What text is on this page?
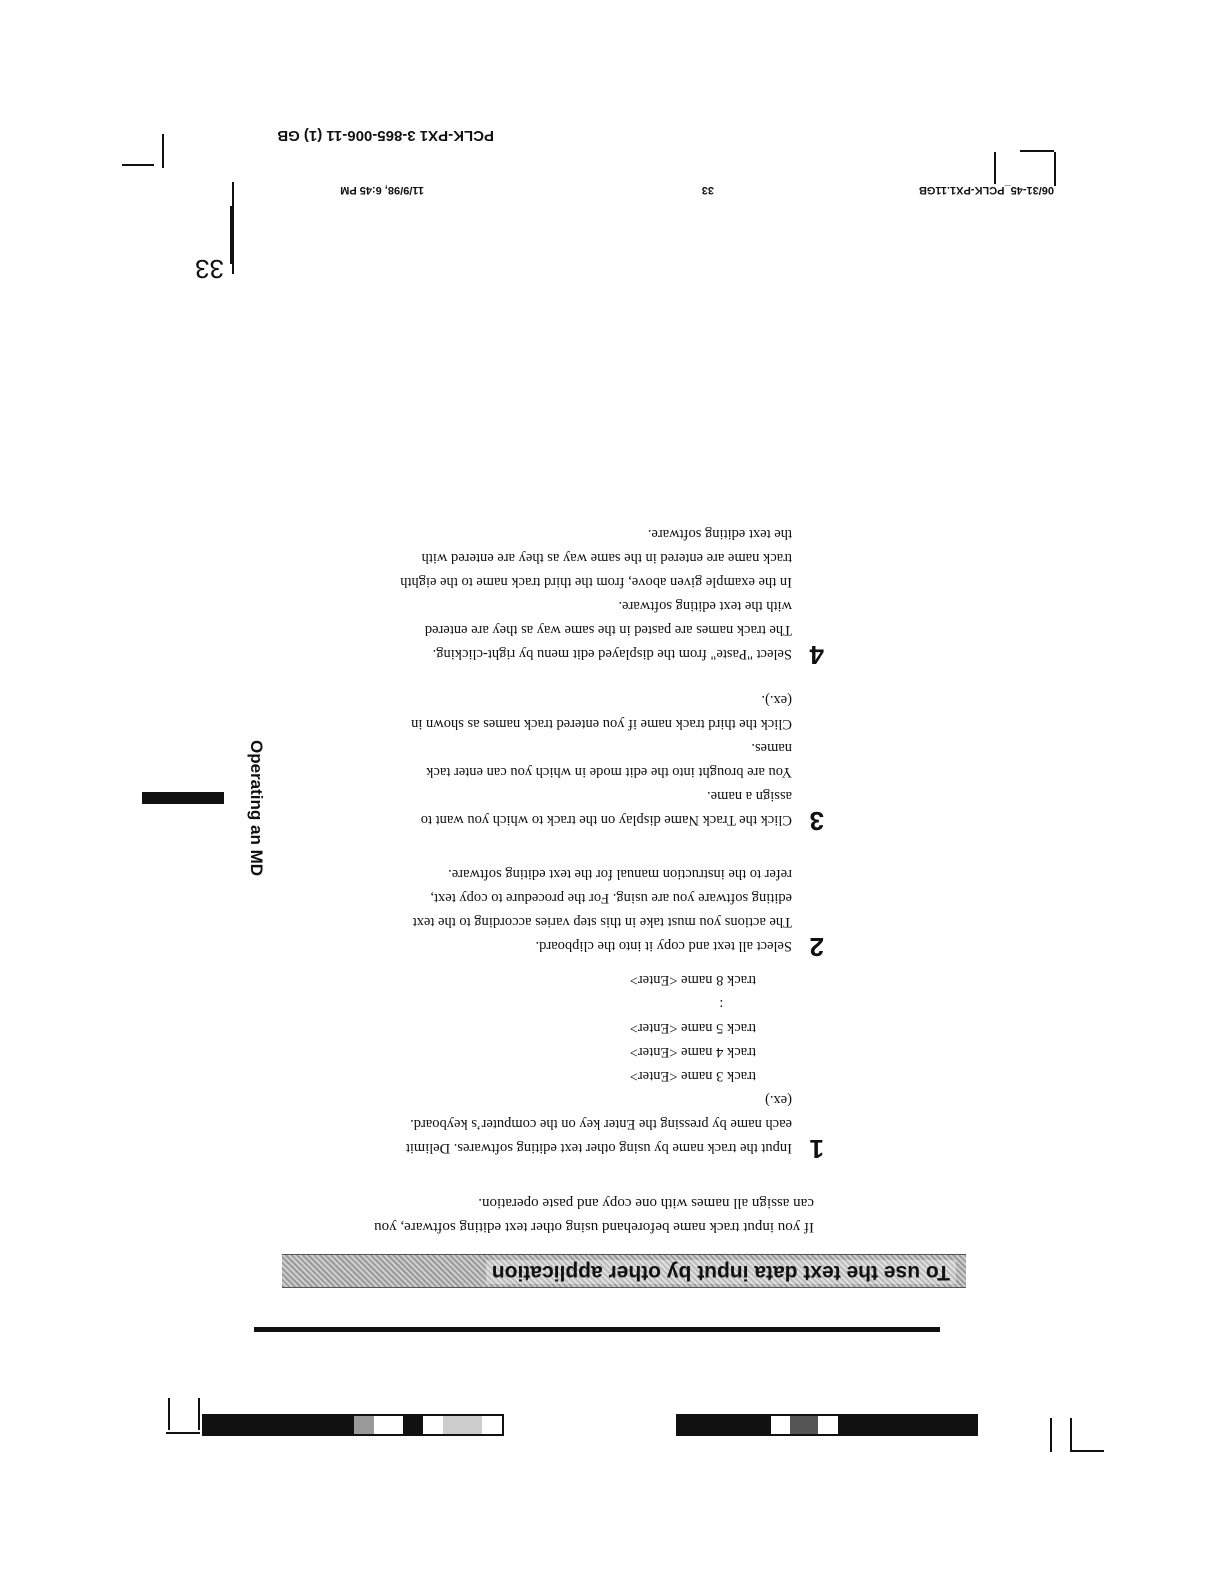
To use the text data input by other application
If you input track name beforehand using other text editing software, you can assign all names with one copy and paste operation.
1

Input the track name by using other text editing softwares. Delimit

each name by pressing the Enter key on the computer’s keyboard.

(ex.)

track 3 name <Enter>
track 4 name <Enter>
track 5 name <Enter>
:
track 8 name <Enter>
2

Select all text and copy it into the clipboard.

The actions you must take in this step varies according to the text

editing software you are using. For the procedure to copy text,

refer to the instruction manual for the text editing software.

3

Click the Track Name display on the track to which you want to

assign a name.

You are brought into the edit mode in which you can enter tack

names.

Click the third track name if you entered track names as shown in

(ex.).

4

Select "Paste" from the displayed edit menu by right-clicking.

The track names are pasted in the same way as they are entered

with the text editing software.

In the example given above, from the third track name to the eighth

track name are entered in the same way as they are entered with

the text editing software.

Operating an MD
33
06/31-45_PCLK-PX1.11GB
33
11/9/98, 6:45 PM
PCLK-PX1 3-865-006-11 (1) GB
